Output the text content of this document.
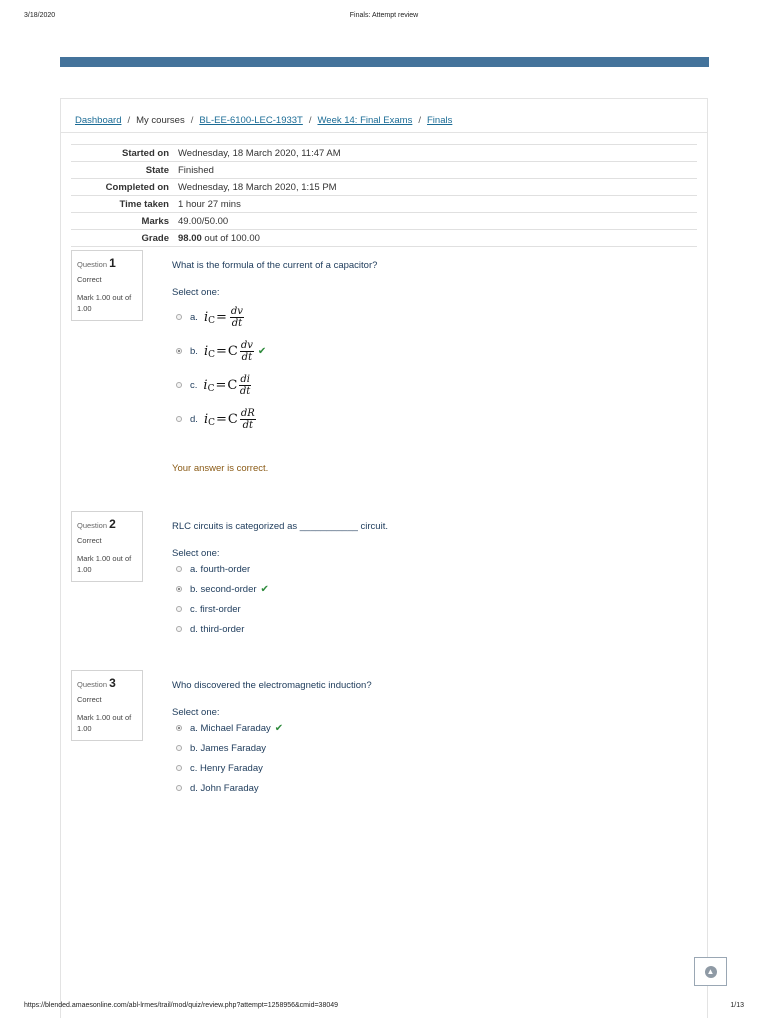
3/18/2020	Finals: Attempt review
Dashboard / My courses / BL-EE-6100-LEC-1933T / Week 14: Final Exams / Finals
Started on	Wednesday, 18 March 2020, 11:47 AM
State	Finished
Completed on	Wednesday, 18 March 2020, 1:15 PM
Time taken	1 hour 27 mins
Marks	49.00/50.00
Grade	98.00 out of 100.00
Question 1
Correct
Mark 1.00 out of 1.00
What is the formula of the current of a capacitor?
Select one:
a. i $C = \frac{dv}{dt}$
b. i C = C $\frac{dv}{dt}$ ✔
c. i C = C $\frac{di}{dt}$
d. i C = C $\frac{dR}{dt}$
Your answer is correct.
Question 2
Correct
Mark 1.00 out of 1.00
RLC circuits is categorized as ___________ circuit.
Select one:
a. fourth-order
b. second-order ✔
c. first-order
d. third-order
Question 3
Correct
Mark 1.00 out of 1.00
Who discovered the electromagnetic induction?
Select one:
a. Michael Faraday ✔
b. James Faraday
c. Henry Faraday
d. John Faraday
▲
https://blended.amaesonline.com/abl-lrmes/trail/mod/quiz/review.php?attempt=1258956&cmid=38049	1/13
